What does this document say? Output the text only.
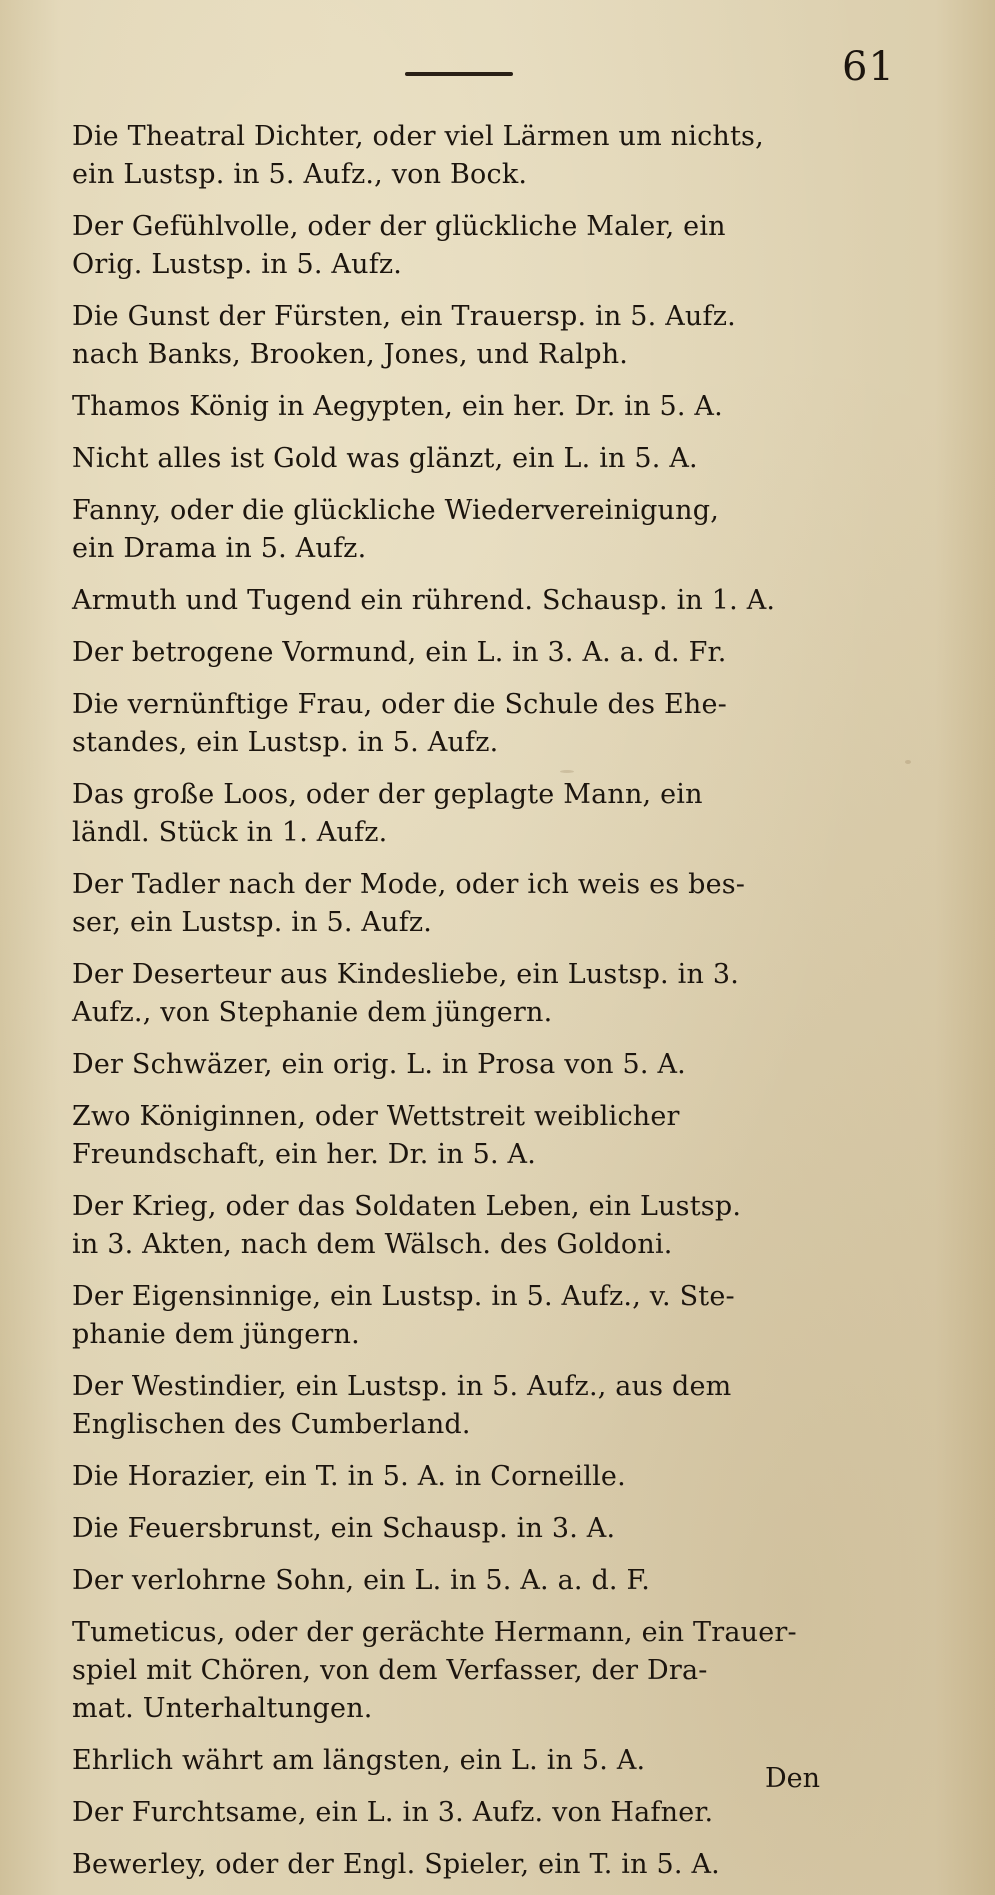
61
Die Theatral Dichter, oder viel Lärmen um nichts,
ein Lustsp. in 5. Aufz., von Bock.
Der Gefühlvolle, oder der glückliche Maler, ein
Orig. Lustsp. in 5. Aufz.
Die Gunst der Fürsten, ein Trauersp. in 5. Aufz.
nach Banks, Brooken, Jones, und Ralph.
Thamos König in Aegypten, ein her. Dr. in 5. A.
Nicht alles ist Gold was glänzt, ein L. in 5. A.
Fanny, oder die glückliche Wiedervereinigung,
ein Drama in 5. Aufz.
Armuth und Tugend ein rührend. Schausp. in 1. A.
Der betrogene Vormund, ein L. in 3. A. a. d. Fr.
Die vernünftige Frau, oder die Schule des Ehe-
standes, ein Lustsp. in 5. Aufz.
Das große Loos, oder der geplagte Mann, ein
ländl. Stück in 1. Aufz.
Der Tadler nach der Mode, oder ich weis es bes-
ser, ein Lustsp. in 5. Aufz.
Der Deserteur aus Kindesliebe, ein Lustsp. in 3.
Aufz., von Stephanie dem jüngern.
Der Schwäzer, ein orig. L. in Prosa von 5. A.
Zwo Königinnen, oder Wettstreit weiblicher
Freundschaft, ein her. Dr. in 5. A.
Der Krieg, oder das Soldaten Leben, ein Lustsp.
in 3. Akten, nach dem Wälsch. des Goldoni.
Der Eigensinnige, ein Lustsp. in 5. Aufz., v. Ste-
phanie dem jüngern.
Der Westindier, ein Lustsp. in 5. Aufz., aus dem
Englischen des Cumberland.
Die Horazier, ein T. in 5. A. in Corneille.
Die Feuersbrunst, ein Schausp. in 3. A.
Der verlohrne Sohn, ein L. in 5. A. a. d. F.
Tumeticus, oder der gerächte Hermann, ein Trauer-
spiel mit Chören, von dem Verfasser, der Dra-
mat. Unterhaltungen.
Ehrlich währt am längsten, ein L. in 5. A.
Der Furchtsame, ein L. in 3. Aufz. von Hafner.
Bewerley, oder der Engl. Spieler, ein T. in 5. A.
Den
